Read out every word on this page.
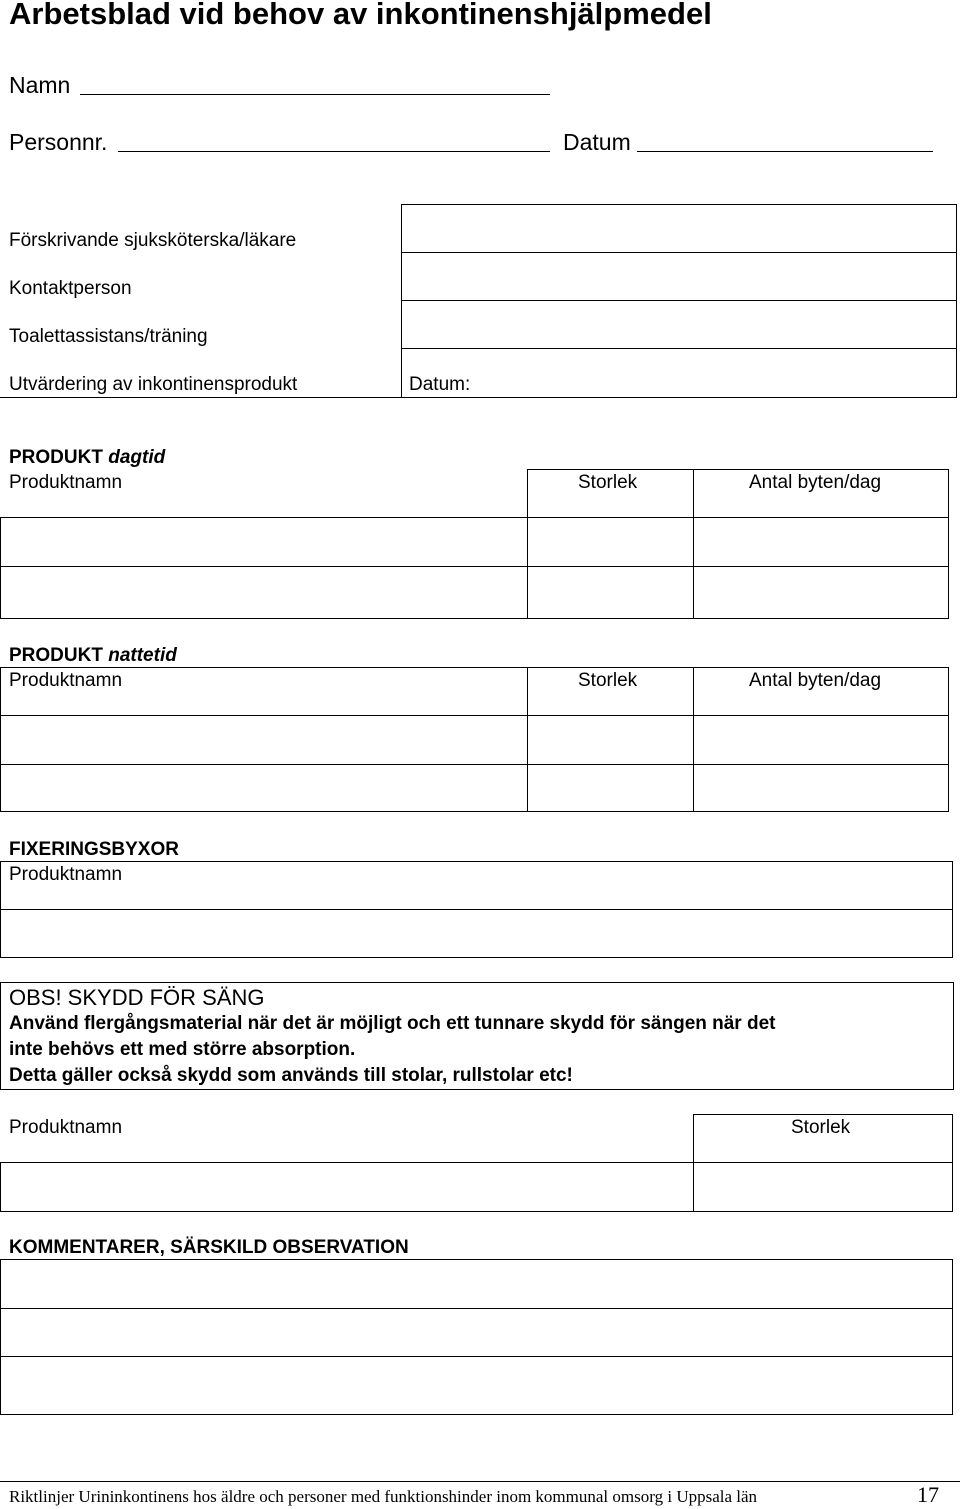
Arbetsblad vid behov av inkontinenshjälpmedel
Namn
Personnr.	Datum
Förskrivande sjuksköterska/läkare
Kontaktperson
Toalettassistans/träning
Utvärdering av inkontinensprodukt	Datum:
PRODUKT dagtid
Produktnamn	Storlek	Antal byten/dag
PRODUKT nattetid
Produktnamn	Storlek	Antal byten/dag
FIXERINGSBYXOR
Produktnamn
OBS! SKYDD FÖR SÄNG
Använd flergångsmaterial när det är möjligt och ett tunnare skydd för sängen när det
inte behövs ett med större absorption.
Detta gäller också skydd som används till stolar, rullstolar etc!
Produktnamn	Storlek
KOMMENTARER, SÄRSKILD OBSERVATION
Riktlinjer Urininkontinens hos äldre och personer med funktionshinder inom kommunal omsorg i Uppsala län	17
